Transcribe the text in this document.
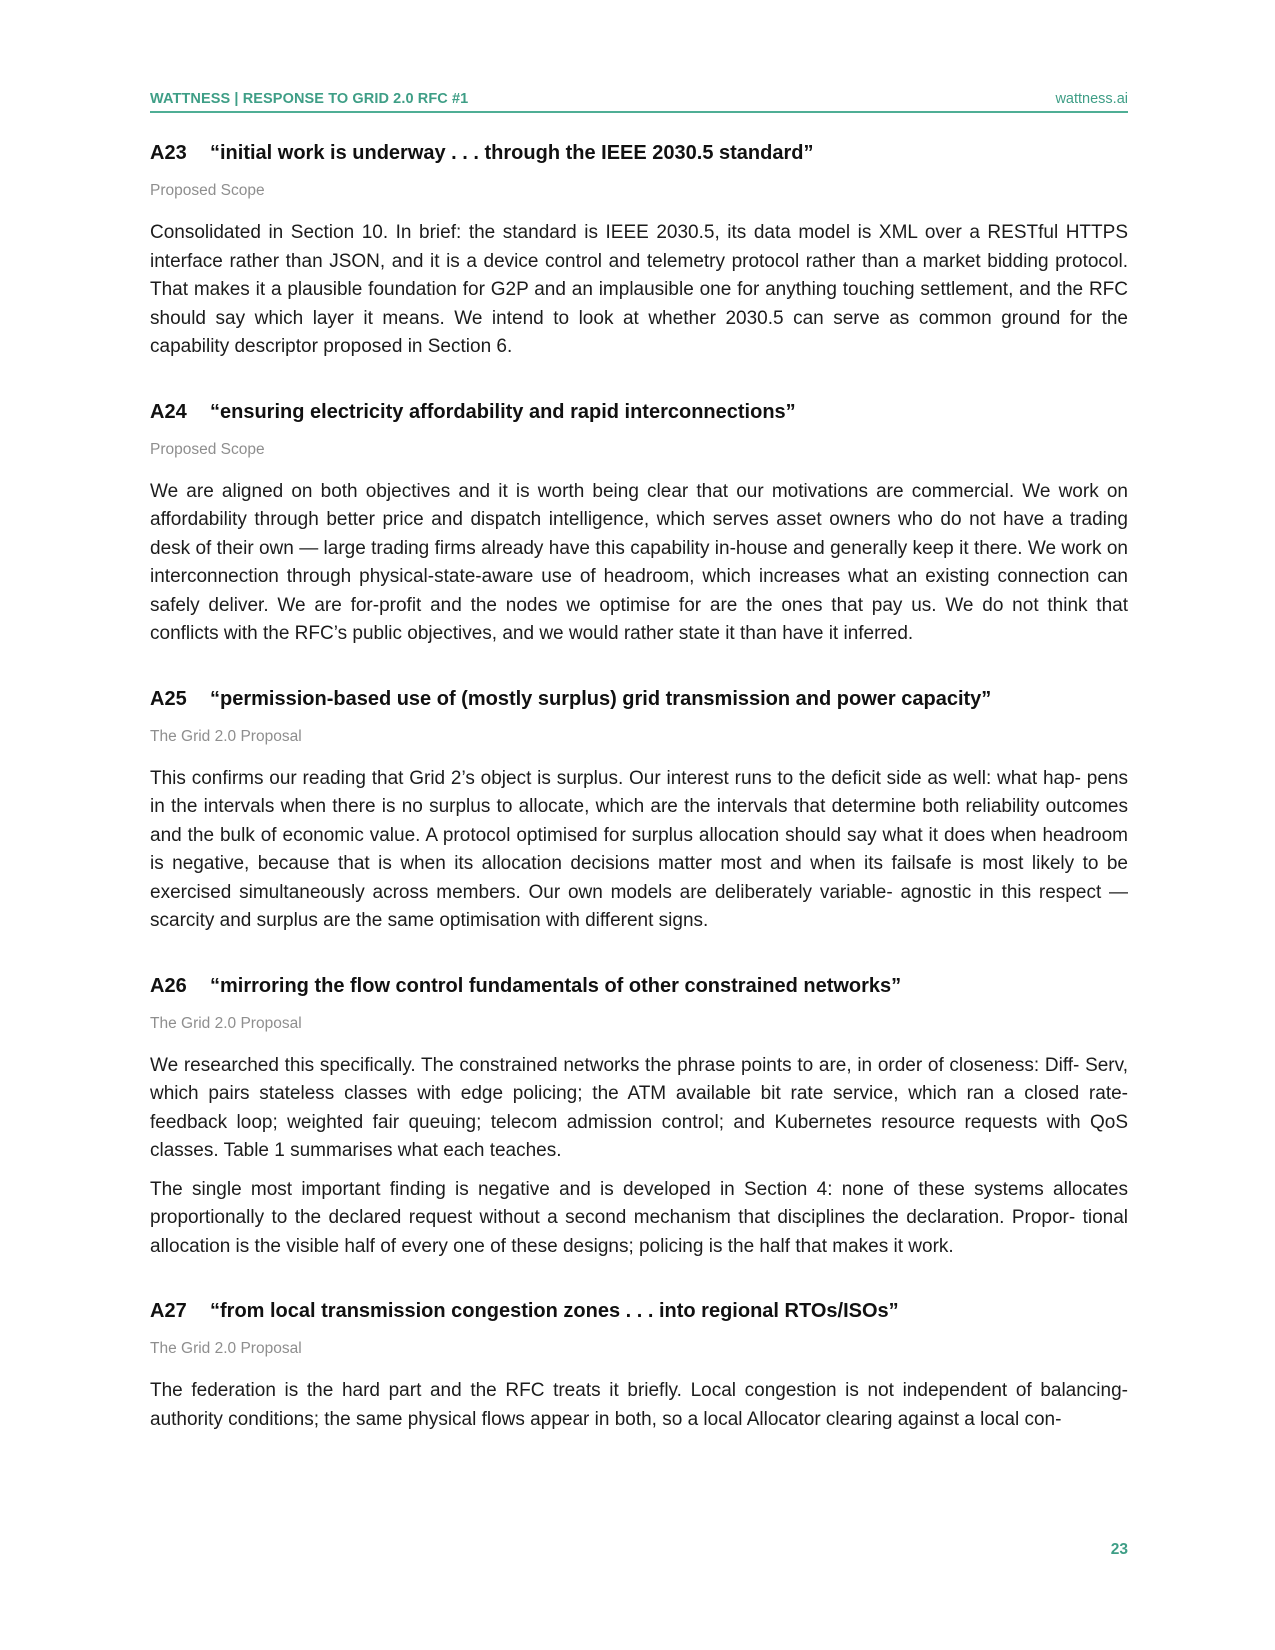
WATTNESS | RESPONSE TO GRID 2.0 RFC #1	wattness.ai
A23 “initial work is underway . . . through the IEEE 2030.5 standard”
Proposed Scope

Consolidated in Section 10. In brief: the standard is IEEE 2030.5, its data model is XML over a RESTful HTTPS interface rather than JSON, and it is a device control and telemetry protocol rather than a market bidding protocol. That makes it a plausible foundation for G2P and an implausible one for anything touching settlement, and the RFC should say which layer it means. We intend to look at whether 2030.5 can serve as common ground for the capability descriptor proposed in Section 6.

A24 “ensuring electricity affordability and rapid interconnections”
Proposed Scope

We are aligned on both objectives and it is worth being clear that our motivations are commercial. We work on affordability through better price and dispatch intelligence, which serves asset owners who do not have a trading desk of their own — large trading firms already have this capability in-house and generally keep it there. We work on interconnection through physical-state-aware use of headroom, which increases what an existing connection can safely deliver. We are for-profit and the nodes we optimise for are the ones that pay us. We do not think that conflicts with the RFC’s public objectives, and we would rather state it than have it inferred.

A25 “permission-based use of (mostly surplus) grid transmission and power capacity”
The Grid 2.0 Proposal

This confirms our reading that Grid 2’s object is surplus. Our interest runs to the deficit side as well: what hap- pens in the intervals when there is no surplus to allocate, which are the intervals that determine both reliability outcomes and the bulk of economic value. A protocol optimised for surplus allocation should say what it does when headroom is negative, because that is when its allocation decisions matter most and when its failsafe is most likely to be exercised simultaneously across members. Our own models are deliberately variable- agnostic in this respect — scarcity and surplus are the same optimisation with different signs.

A26 “mirroring the flow control fundamentals of other constrained networks”
The Grid 2.0 Proposal

We researched this specifically. The constrained networks the phrase points to are, in order of closeness: Diff- Serv, which pairs stateless classes with edge policing; the ATM available bit rate service, which ran a closed rate-feedback loop; weighted fair queuing; telecom admission control; and Kubernetes resource requests with QoS classes. Table 1 summarises what each teaches.

The single most important finding is negative and is developed in Section 4: none of these systems allocates proportionally to the declared request without a second mechanism that disciplines the declaration. Propor- tional allocation is the visible half of every one of these designs; policing is the half that makes it work.

A27 “from local transmission congestion zones . . . into regional RTOs/ISOs”
The Grid 2.0 Proposal

The federation is the hard part and the RFC treats it briefly. Local congestion is not independent of balancing- authority conditions; the same physical flows appear in both, so a local Allocator clearing against a local con-

23
